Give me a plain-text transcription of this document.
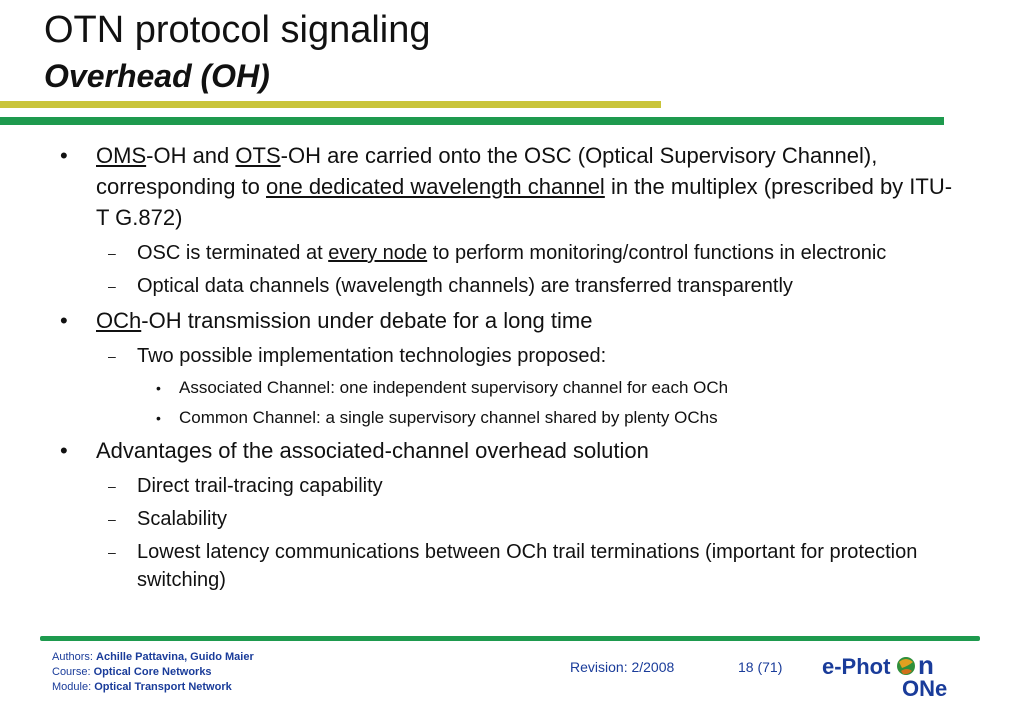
OTN protocol signaling
Overhead (OH)
• OMS-OH and OTS-OH are carried onto the OSC (Optical Supervisory Channel), corresponding to one dedicated wavelength channel in the multiplex (prescribed by ITU-T G.872)
– OSC is terminated at every node to perform monitoring/control functions in electronic
– Optical data channels (wavelength channels) are transferred transparently
• OCh-OH transmission under debate for a long time
– Two possible implementation technologies proposed:
• Associated Channel: one independent supervisory channel for each OCh
• Common Channel: a single supervisory channel shared by plenty OChs
• Advantages of the associated-channel overhead solution
– Direct trail-tracing capability
– Scalability
– Lowest latency communications between OCh trail terminations (important for protection switching)
Authors: Achille Pattavina, Guido Maier
Course: Optical Core Networks
Module: Optical Transport Network
Revision: 2/2008	18 (71) e-Phot n
ONe
